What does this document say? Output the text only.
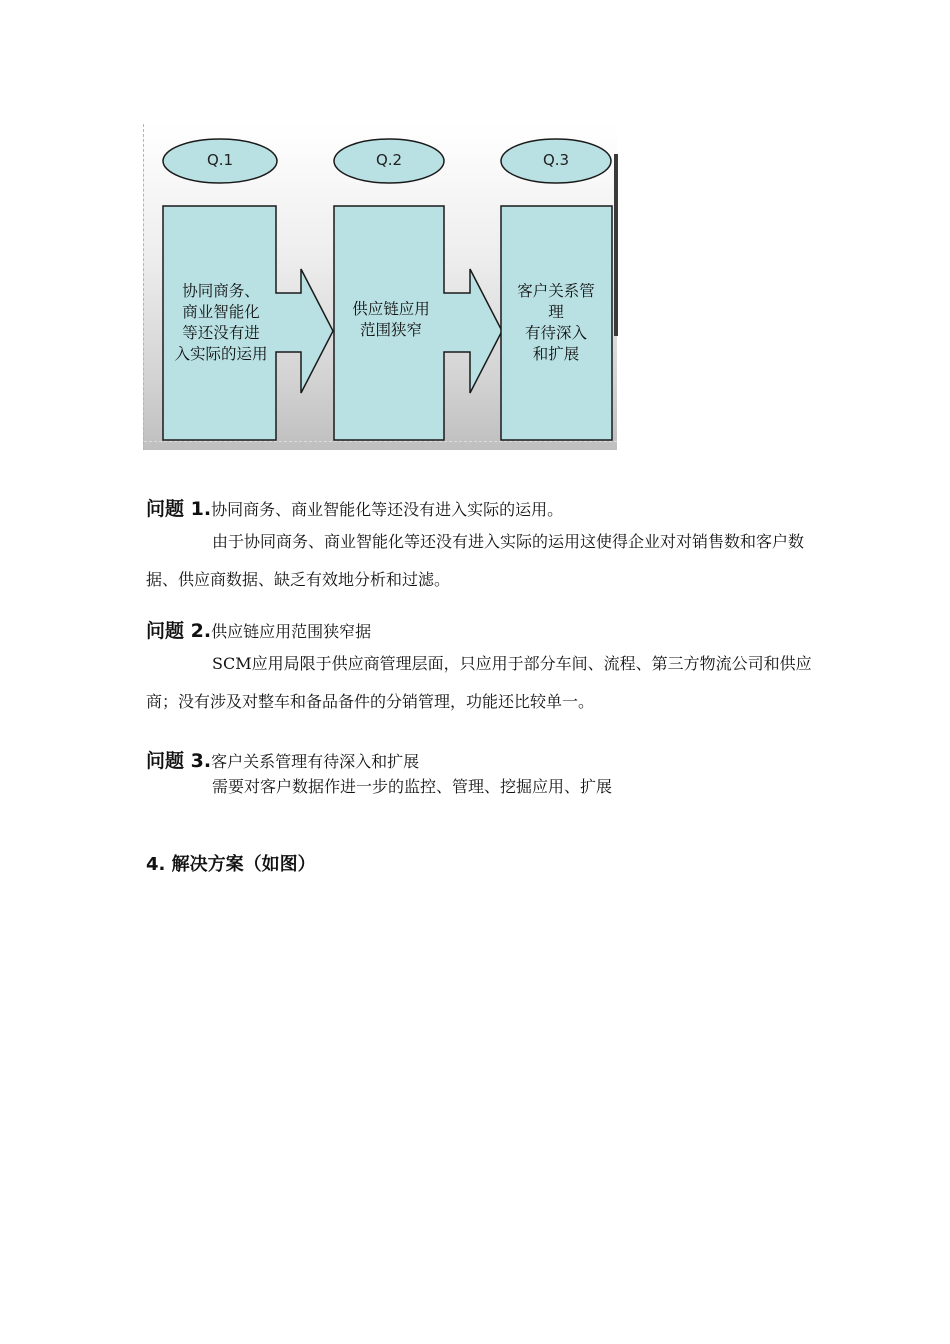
Q.1	Q.2	Q.3
协同商务、
商业智能化
等还没有进
入实际的运用
供应链应用
范围狭窄
客户关系管
理
有待深入
和扩展
问题 1.协同商务、商业智能化等还没有进入实际的运用。
由于协同商务、商业智能化等还没有进入实际的运用这使得企业对对销售数和客户数据、供应商数据、缺乏有效地分析和过滤。
问题 2.供应链应用范围狭窄据
SCM应用局限于供应商管理层面，只应用于部分车间、流程、第三方物流公司和供应商；没有涉及对整车和备品备件的分销管理，功能还比较单一。
问题 3.客户关系管理有待深入和扩展
需要对客户数据作进一步的监控、管理、挖掘应用、扩展
4. 解决方案（如图）
